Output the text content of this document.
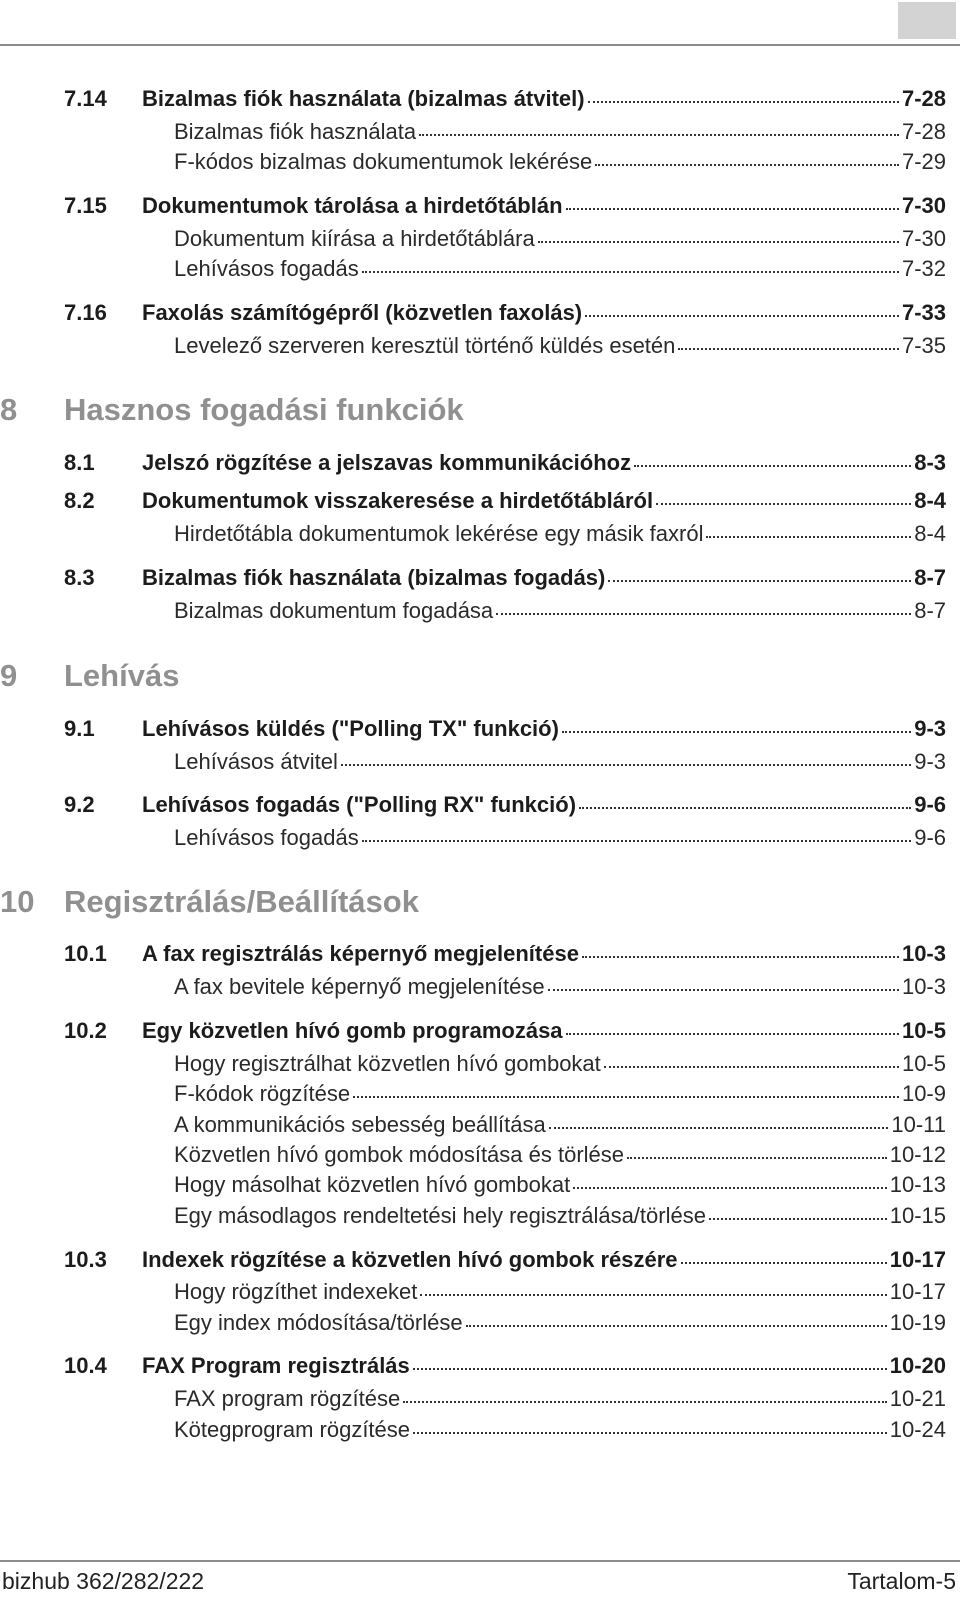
7.14 Bizalmas fiók használata (bizalmas átvitel)	7-28
Bizalmas fiók használata	7-28
F-kódos bizalmas dokumentumok lekérése	7-29
7.15 Dokumentumok tárolása a hirdetőtáblán	7-30
Dokumentum kiírása a hirdetőtáblára	7-30
Lehívásos fogadás	7-32
7.16 Faxolás számítógépről (közvetlen faxolás)	7-33
Levelező szerveren keresztül történő küldés esetén	7-35
8 Hasznos fogadási funkciók
8.1 Jelszó rögzítése a jelszavas kommunikációhoz	8-3
8.2 Dokumentumok visszakeresése a hirdetőtábláról	8-4
Hirdetőtábla dokumentumok lekérése egy másik faxról	8-4
8.3 Bizalmas fiók használata (bizalmas fogadás)	8-7
Bizalmas dokumentum fogadása	8-7
9 Lehívás
9.1 Lehívásos küldés ("Polling TX" funkció)	9-3
Lehívásos átvitel	9-3
9.2 Lehívásos fogadás ("Polling RX" funkció)	9-6
Lehívásos fogadás	9-6
10 Regisztrálás/Beállítások
10.1 A fax regisztrálás képernyő megjelenítése	10-3
A fax bevitele képernyő megjelenítése	10-3
10.2 Egy közvetlen hívó gomb programozása	10-5
Hogy regisztrálhat közvetlen hívó gombokat	10-5
F-kódok rögzítése	10-9
A kommunikációs sebesség beállítása	10-11
Közvetlen hívó gombok módosítása és törlése	10-12
Hogy másolhat közvetlen hívó gombokat	10-13
Egy másodlagos rendeltetési hely regisztrálása/törlése	10-15
10.3 Indexek rögzítése a közvetlen hívó gombok részére	10-17
Hogy rögzíthet indexeket	10-17
Egy index módosítása/törlése	10-19
10.4 FAX Program regisztrálás	10-20
FAX program rögzítése	10-21
Kötegprogram rögzítése	10-24
bizhub 362/282/222	Tartalom-5
